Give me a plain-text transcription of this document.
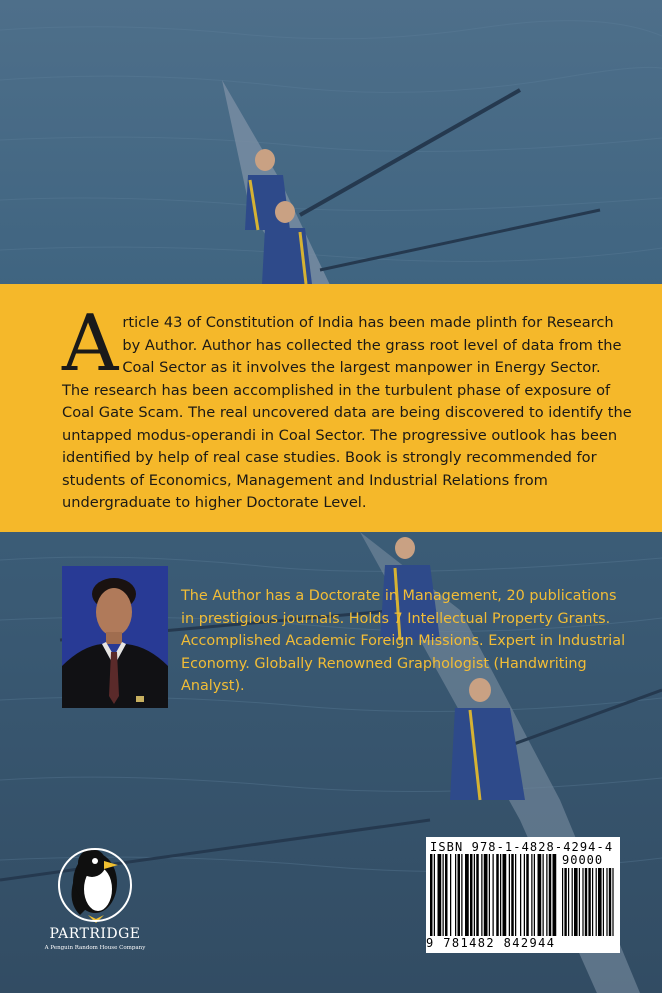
Article 43 of Constitution of India has been made plinth for Research by Author. Author has collected the grass root level of data from the Coal Sector as it involves the largest manpower in Energy Sector. The research has been accomplished in the turbulent phase of exposure of Coal Gate Scam. The real uncovered data are being discovered to identify the untapped modus-operandi in Coal Sector. The progressive outlook has been identified by help of real case studies. Book is strongly recommended for students of Economics, Management and Industrial Relations from undergraduate to higher Doctorate Level.
The Author has a Doctorate in Management, 20 publications in prestigious journals. Holds 7 Intellectual Property Grants. Accomplished Academic Foreign Missions. Expert in Industrial Economy. Globally Renowned Graphologist (Handwriting Analyst).
PARTRIDGE
A Penguin Random House Company
ISBN 978-1-4828-4294-4
90000
9 781482 842944
